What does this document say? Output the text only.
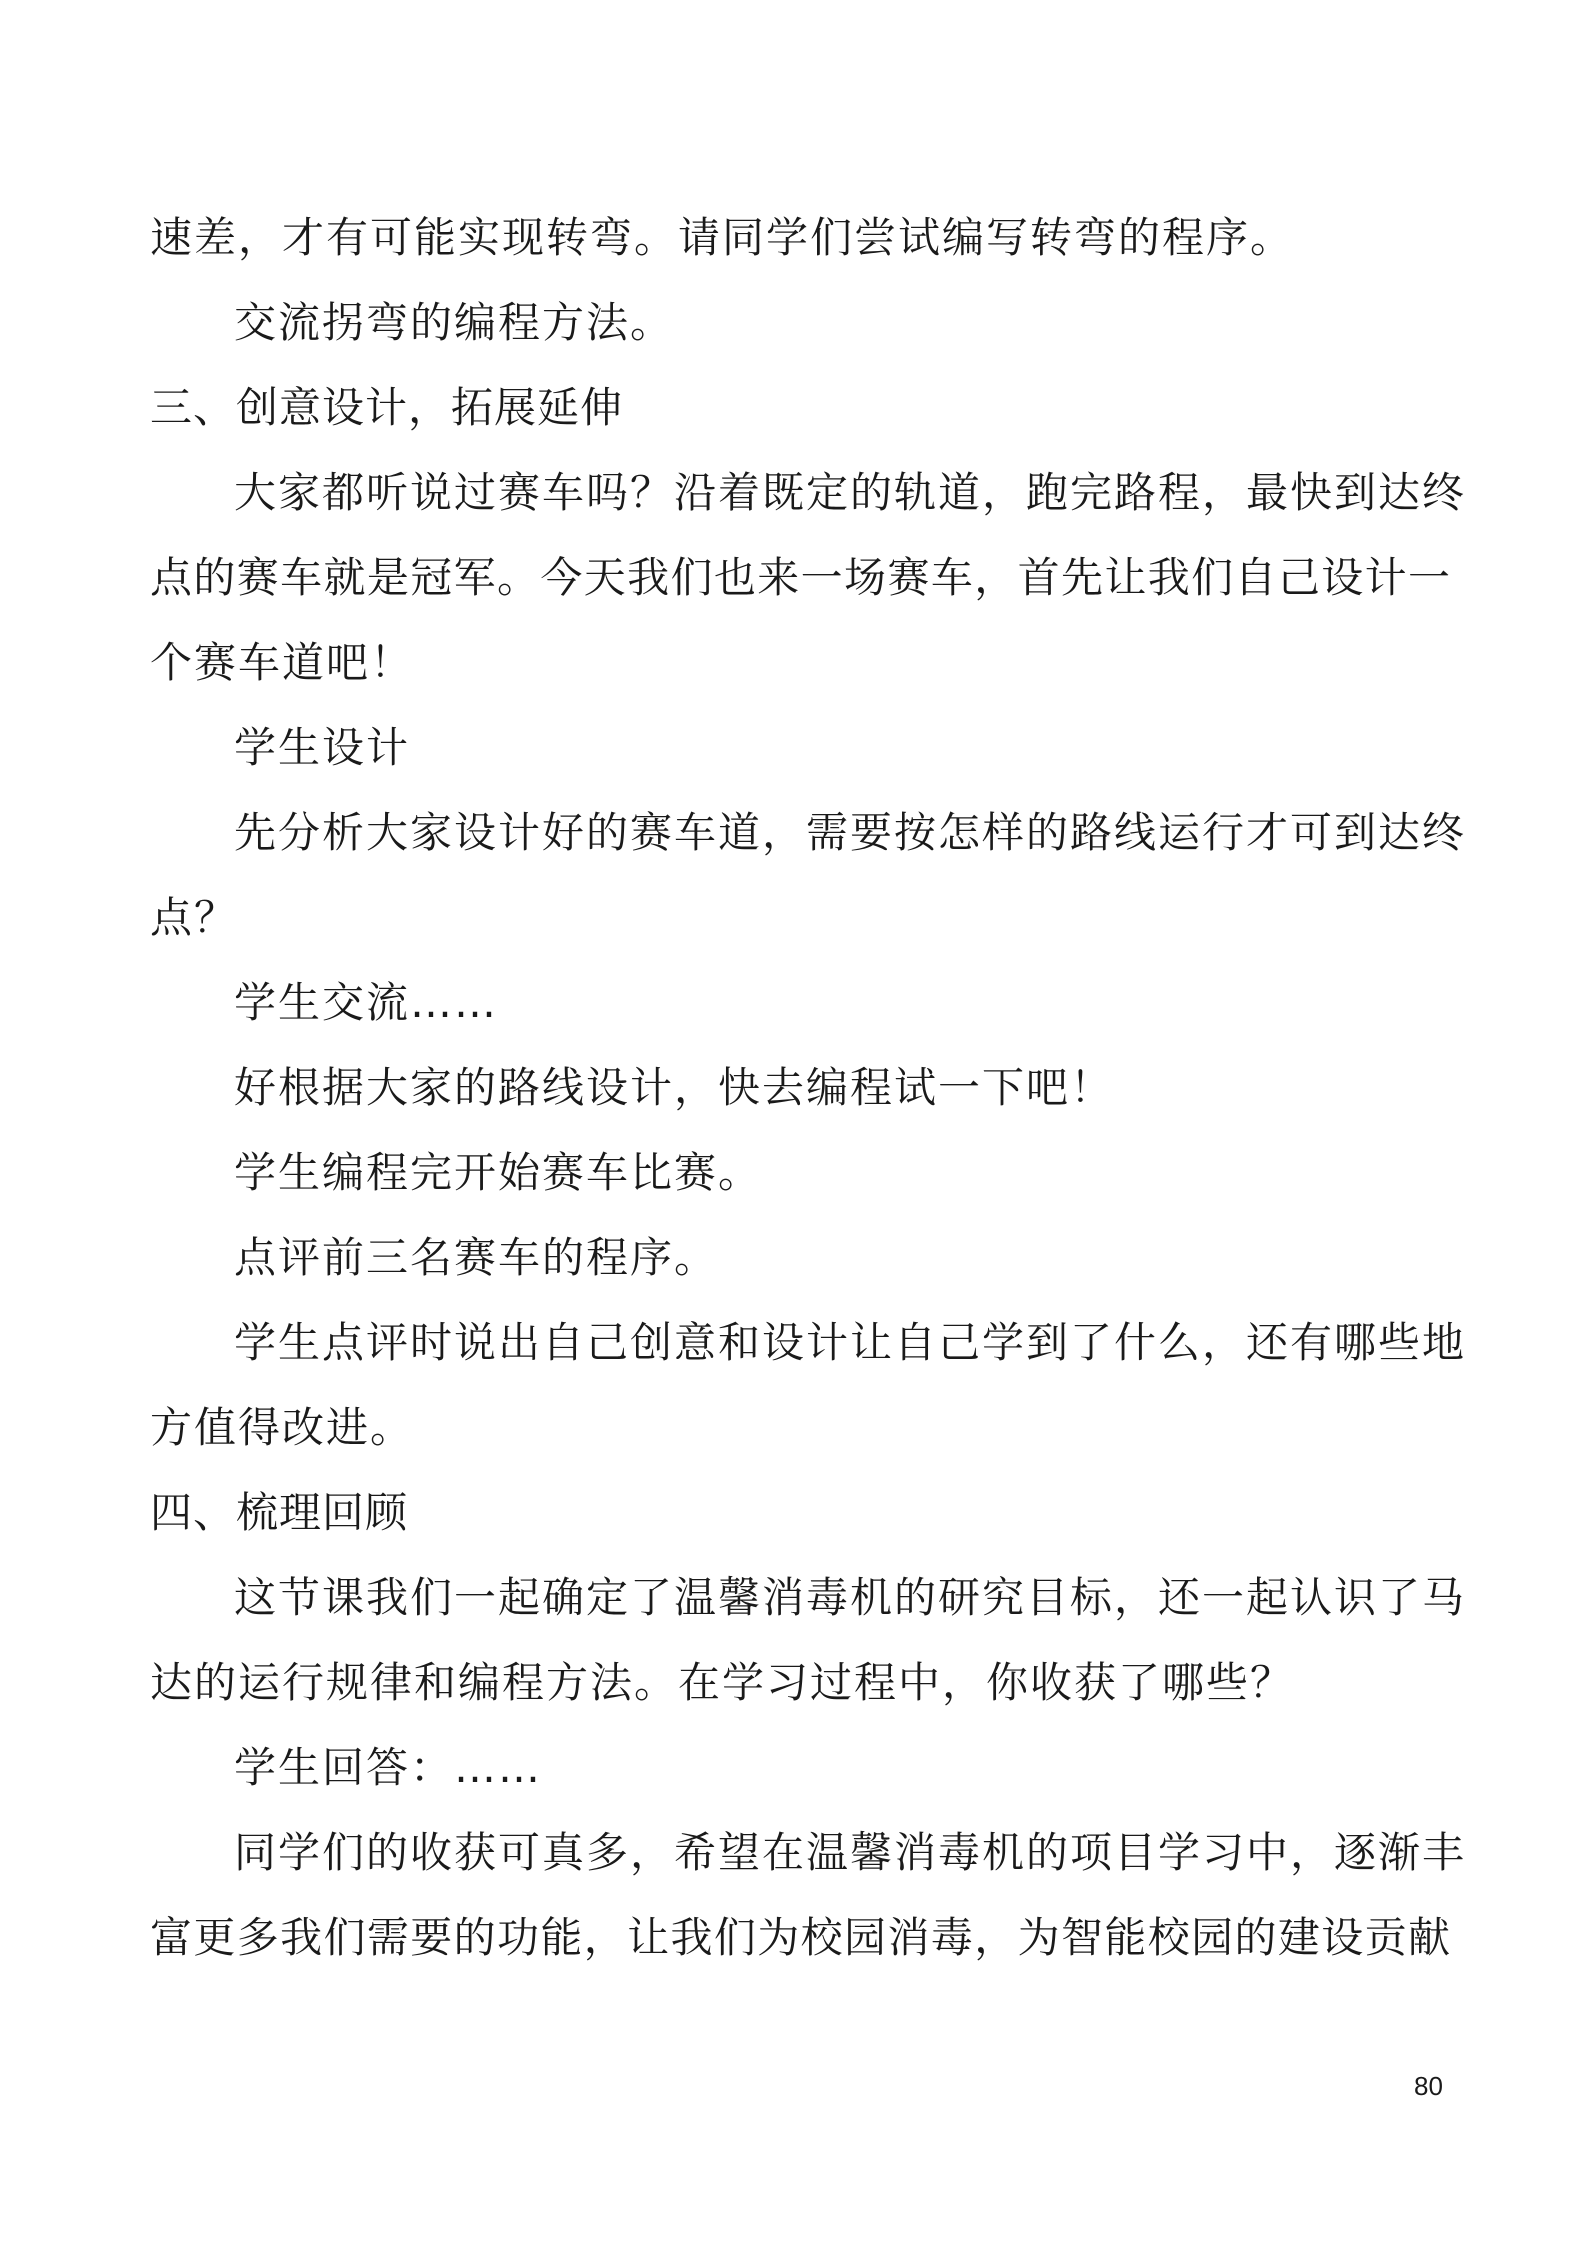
速差，才有可能实现转弯。请同学们尝试编写转弯的程序。

交流拐弯的编程方法。

三、创意设计，拓展延伸

大家都听说过赛车吗？沿着既定的轨道，跑完路程，最快到达终

点的赛车就是冠军。今天我们也来一场赛车，首先让我们自己设计一

个赛车道吧！

学生设计

先分析大家设计好的赛车道，需要按怎样的路线运行才可到达终

点？

学生交流……

好根据大家的路线设计，快去编程试一下吧！

学生编程完开始赛车比赛。

点评前三名赛车的程序。

学生点评时说出自己创意和设计让自己学到了什么，还有哪些地

方值得改进。

四、梳理回顾

这节课我们一起确定了温馨消毒机的研究目标，还一起认识了马

达的运行规律和编程方法。在学习过程中，你收获了哪些？

学生回答：……

同学们的收获可真多，希望在温馨消毒机的项目学习中，逐渐丰

富更多我们需要的功能，让我们为校园消毒，为智能校园的建设贡献

80
